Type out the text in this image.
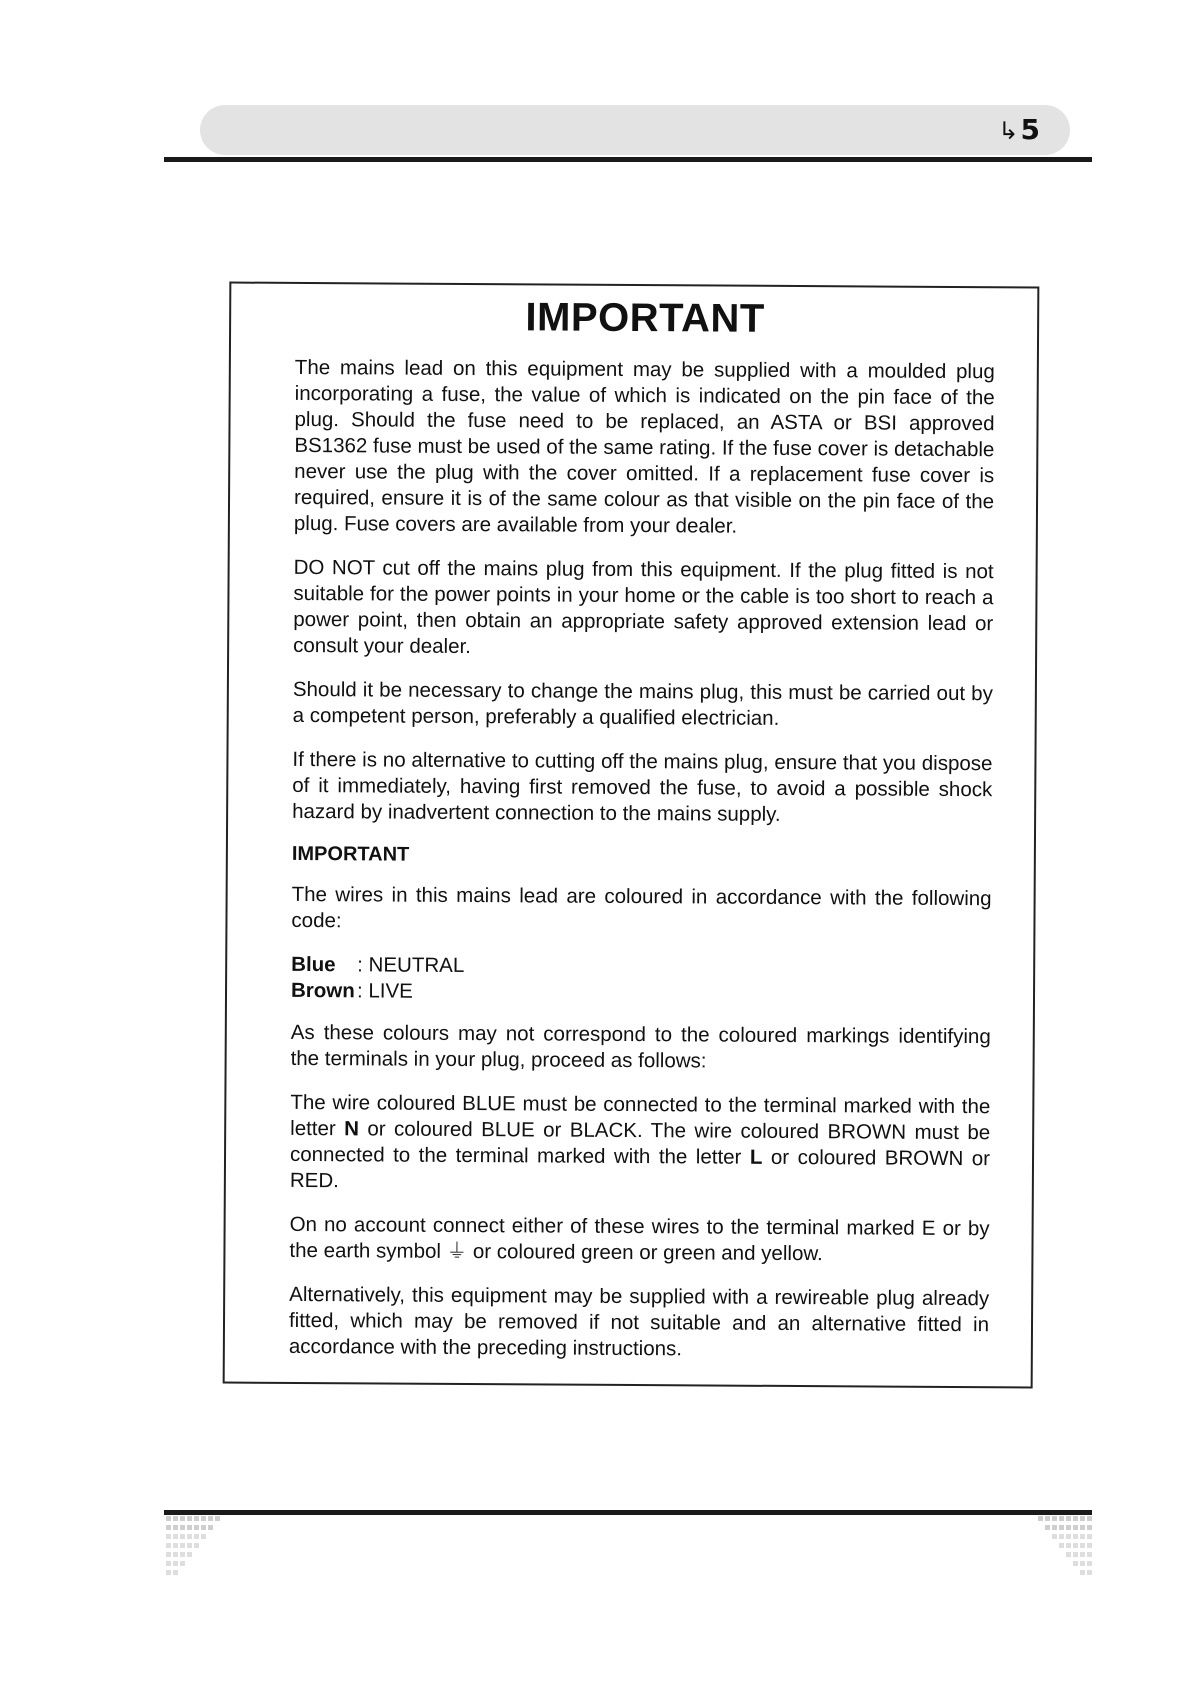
↳5
IMPORTANT

The mains lead on this equipment may be supplied with a moulded plug incorporating a fuse, the value of which is indicated on the pin face of the plug. Should the fuse need to be replaced, an ASTA or BSI approved BS1362 fuse must be used of the same rating. If the fuse cover is detachable never use the plug with the cover omitted. If a replacement fuse cover is required, ensure it is of the same colour as that visible on the pin face of the plug. Fuse covers are available from your dealer.

DO NOT cut off the mains plug from this equipment. If the plug fitted is not suitable for the power points in your home or the cable is too short to reach a power point, then obtain an appropriate safety approved extension lead or consult your dealer.

Should it be necessary to change the mains plug, this must be carried out by a competent person, preferably a qualified electrician.

If there is no alternative to cutting off the mains plug, ensure that you dispose of it immediately, having first removed the fuse, to avoid a possible shock hazard by inadvertent connection to the mains supply.

IMPORTANT

The wires in this mains lead are coloured in accordance with the following code:

Blue : NEUTRAL
Brown : LIVE

As these colours may not correspond to the coloured markings identifying the terminals in your plug, proceed as follows:

The wire coloured BLUE must be connected to the terminal marked with the letter N or coloured BLUE or BLACK. The wire coloured BROWN must be connected to the terminal marked with the letter L or coloured BROWN or RED.

On no account connect either of these wires to the terminal marked E or by the earth symbol ⏚ or coloured green or green and yellow.

Alternatively, this equipment may be supplied with a rewireable plug already fitted, which may be removed if not suitable and an alternative fitted in accordance with the preceding instructions.
